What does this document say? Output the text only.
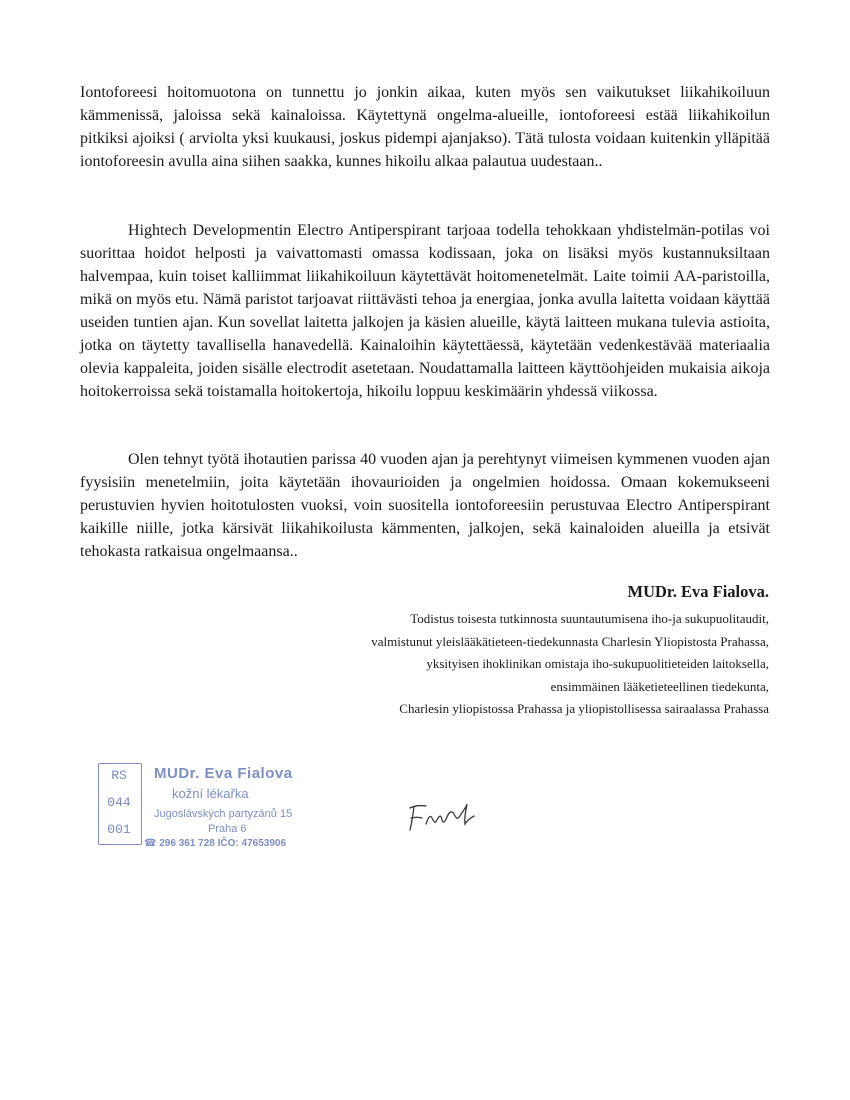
Iontoforeesi hoitomuotona on tunnettu jo jonkin aikaa, kuten myös sen vaikutukset liikahikoiluun kämmenissä, jaloissa sekä kainaloissa. Käytettynä ongelma-alueille, iontoforeesi estää liikahikoilun pitkiksi ajoiksi ( arviolta yksi kuukausi, joskus pidempi ajanjakso). Tätä tulosta voidaan kuitenkin ylläpitää iontoforeesin avulla aina siihen saakka, kunnes hikoilu alkaa palautua uudestaan..

Hightech Developmentin Electro Antiperspirant tarjoaa todella tehokkaan yhdistelmän-potilas voi suorittaa hoidot helposti ja vaivattomasti omassa kodissaan, joka on lisäksi myös kustannuksiltaan halvempaa, kuin toiset kalliimmat liikahikoiluun käytettävät hoitomenetelmät. Laite toimii AA-paristoilla, mikä on myös etu. Nämä paristot tarjoavat riittävästi tehoa ja energiaa, jonka avulla laitetta voidaan käyttää useiden tuntien ajan. Kun sovellat laitetta jalkojen ja käsien alueille, käytä laitteen mukana tulevia astioita, jotka on täytetty tavallisella hanavedellä. Kainaloihin käytettäessä, käytetään vedenkestävää materiaalia olevia kappaleita, joiden sisälle electrodit asetetaan. Noudattamalla laitteen käyttöohjeiden mukaisia aikoja hoitokerroissa sekä toistamalla hoitokertoja, hikoilu loppuu keskimäärin yhdessä viikossa.

Olen tehnyt työtä ihotautien parissa 40 vuoden ajan ja perehtynyt viimeisen kymmenen vuoden ajan fyysisiin menetelmiin, joita käytetään ihovaurioiden ja ongelmien hoidossa. Omaan kokemukseeni perustuvien hyvien hoitotulosten vuoksi, voin suositella iontoforeesiin perustuvaa Electro Antiperspirant kaikille niille, jotka kärsivät liikahikoilusta kämmenten, jalkojen, sekä kainaloiden alueilla ja etsivät tehokasta ratkaisua ongelmaansa..

MUDr. Eva Fialova.
Todistus toisesta tutkinnosta suuntautumisena iho-ja sukupuolitaudit,
valmistunut yleislääkätieteen-tiedekunnasta Charlesin Yliopistosta Prahassa,
yksityisen ihoklinikan omistaja iho-sukupuolitieteiden laitoksella,
ensimmäinen lääketieteellinen tiedekunta,
Charlesin yliopistossa Prahassa ja yliopistollisessa sairaalassa Prahassa
RS
044
001
MUDr. Eva Fialova
kožní lékařka
Jugoslávských partyzánů 15
Praha 6
☎ 296 361 728 IČO: 47653906
